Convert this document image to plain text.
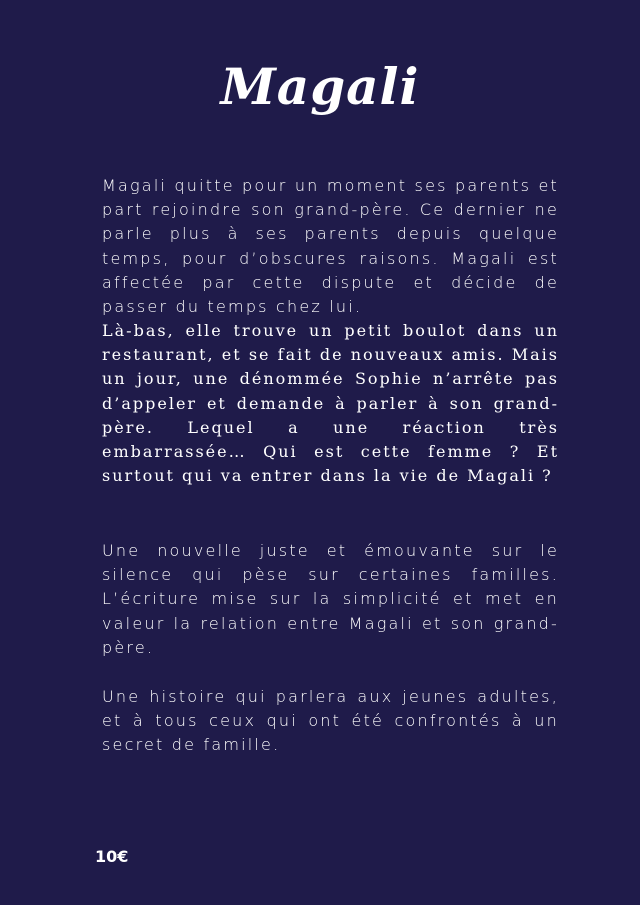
Magali

Magali quitte pour un moment ses parents et part rejoindre son grand-père. Ce dernier ne parle plus à ses parents depuis quelque temps, pour d’obscures raisons. Magali est affectée par cette dispute et décide de passer du temps chez lui.

Là-bas, elle trouve un petit boulot dans un restaurant, et se fait de nouveaux amis. Mais un jour, une dénommée Sophie n’arrête pas d’appeler et demande à parler à son grand-père. Lequel a une réaction très embarrassée… Qui est cette femme ? Et surtout qui va entrer dans la vie de Magali ?

Une nouvelle juste et émouvante sur le silence qui pèse sur certaines familles. L’écriture mise sur la simplicité et met en valeur la relation entre Magali et son grand-père.

Une histoire qui parlera aux jeunes adultes, et à tous ceux qui ont été confrontés à un secret de famille.

10€
